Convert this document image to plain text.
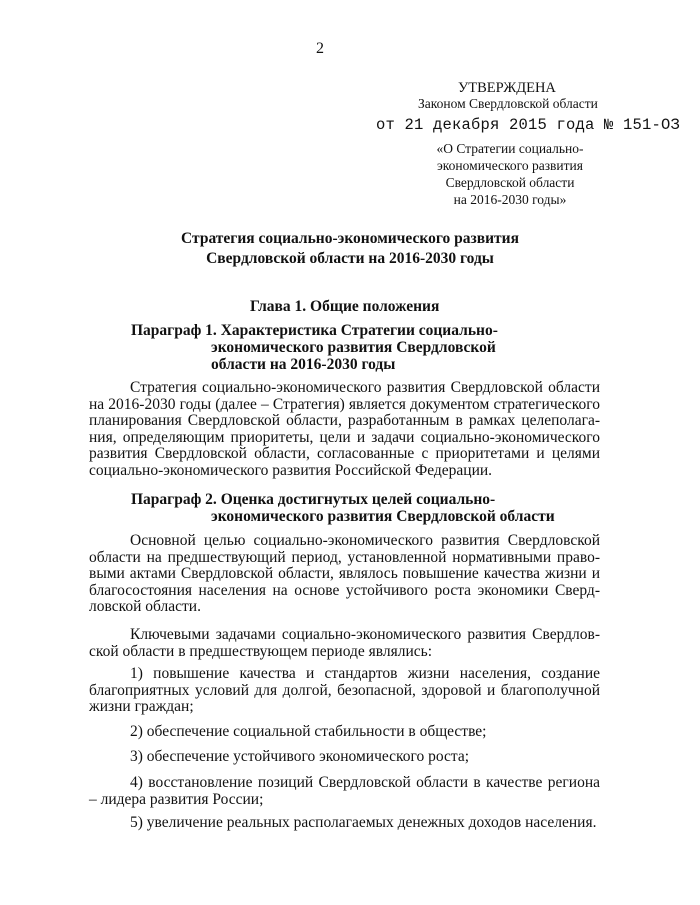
2
УТВЕРЖДЕНА
Законом Свердловской области
от 21 декабря 2015 года № 151-ОЗ
«О Стратегии социально-
экономического развития
Свердловской области
на 2016-2030 годы»
Стратегия социально-экономического развития
Свердловской области на 2016-2030 годы
Глава 1. Общие положения
Параграф 1. Характеристика Стратегии социально-
экономического развития Свердловской
области на 2016-2030 годы

Стратегия социально-экономического развития Свердловской области на 2016-2030 годы (далее – Стратегия) является документом стратегического планирования Свердловской области, разработанным в рамках целеполагания, определяющим приоритеты, цели и задачи социально-экономического развития Свердловской области, согласованные с приоритетами и целями социально-экономического развития Российской Федерации.

Параграф 2. Оценка достигнутых целей социально-
экономического развития Свердловской области

Основной целью социально-экономического развития Свердловской области на предшествующий период, установленной нормативными правовыми актами Свердловской области, являлось повышение качества жизни и благосостояния населения на основе устойчивого роста экономики Свердловской области.

Ключевыми задачами социально-экономического развития Свердловской области в предшествующем периоде являлись:

1) повышение качества и стандартов жизни населения, создание благоприятных условий для долгой, безопасной, здоровой и благополучной жизни граждан;

2) обеспечение социальной стабильности в обществе;

3) обеспечение устойчивого экономического роста;

4) восстановление позиций Свердловской области в качестве региона – лидера развития России;

5) увеличение реальных располагаемых денежных доходов населения.
